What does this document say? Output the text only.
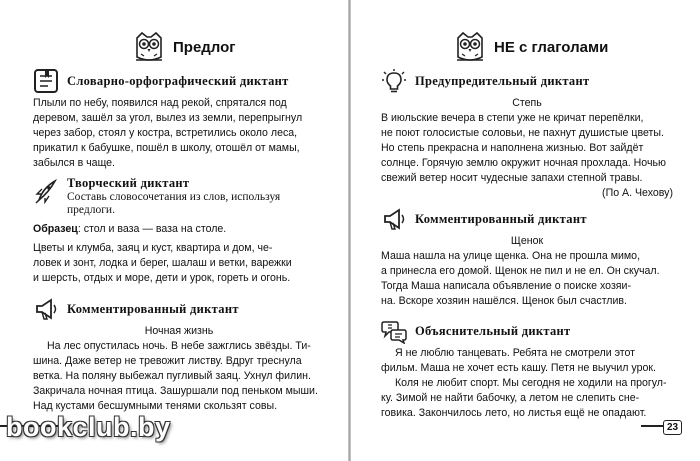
Предлог
Словарно-орфографический диктант

Плыли по небу, появился над рекой, спрятался под

деревом, зашёл за угол, вылез из земли, перепрыгнул

через забор, стоял у костра, встретились около леса,

прикатил к бабушке, пошёл в школу, отошёл от мамы,

забылся в чаще.

Творческий диктант
Составь словосочетания из слов, используя предлоги.

Образец: стол и ваза — ваза на столе.

Цветы и клумба, заяц и куст, квартира и дом, че-

ловек и зонт, лодка и берег, шалаш и ветки, варежки

и шерсть, отдых и море, дети и урок, гореть и огонь.

Комментированный диктант

Ночная жизнь

На лес опустилась ночь. В небе зажглись звёзды. Ти-

шина. Даже ветер не тревожит листву. Вдруг треснула

ветка. На поляну выбежал пугливый заяц. Ухнул филин.

Закричала ночная птица. Зашуршали под пеньком мыши.

Над кустами бесшумными тенями скользят совы.

НЕ с глаголами
Предупредительный диктант

Степь

В июльские вечера в степи уже не кричат перепёлки,

не поют голосистые соловьи, не пахнут душистые цветы.

Но степь прекрасна и наполнена жизнью. Вот зайдёт

солнце. Горячую землю окружит ночная прохлада. Ночью

свежий ветер носит чудесные запахи степной травы.

(По А. Чехову)

Комментированный диктант

Щенок

Маша нашла на улице щенка. Она не прошла мимо,

а принесла его домой. Щенок не пил и не ел. Он скучал.

Тогда Маша написала объявление о поиске хозяи-

на. Вскоре хозяин нашёлся. Щенок был счастлив.

Объяснительный диктант

Я не люблю танцевать. Ребята не смотрели этот

фильм. Маша не хочет есть кашу. Петя не выучил урок.

Коля не любит спорт. Мы сегодня не ходили на прогул-

ку. Зимой не найти бабочку, а летом не слепить сне-

говика. Закончилось лето, но листья ещё не опадают.

23
bookclub.by
